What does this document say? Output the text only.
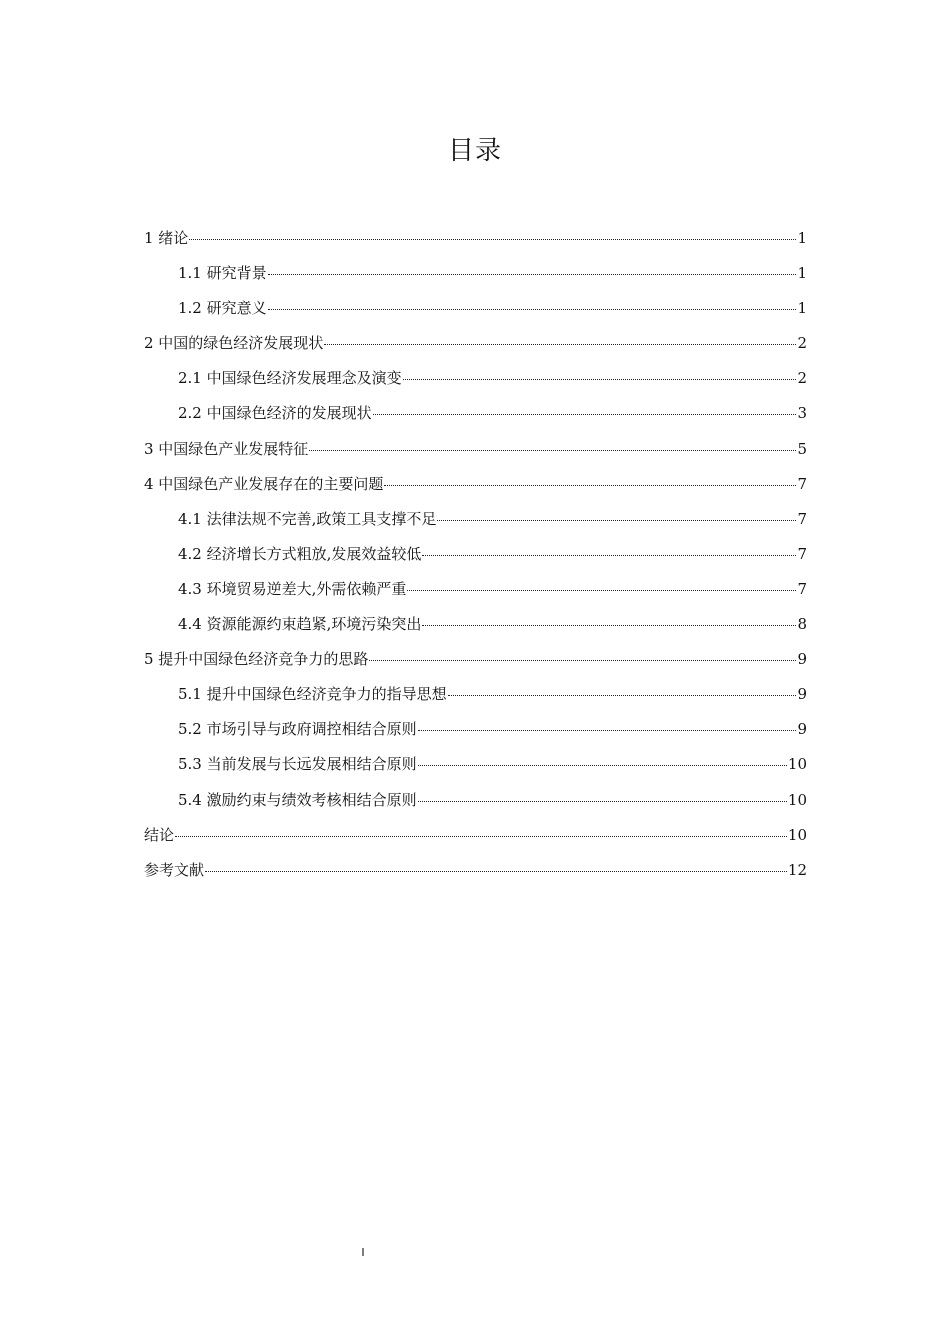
目录
1 绪论	1
1.1 研究背景	1
1.2 研究意义	1
2 中国的绿色经济发展现状	2
2.1 中国绿色经济发展理念及演变	2
2.2 中国绿色经济的发展现状	3
3 中国绿色产业发展特征	5
4 中国绿色产业发展存在的主要问题	7
4.1 法律法规不完善,政策工具支撑不足	7
4.2 经济增长方式粗放,发展效益较低	7
4.3 环境贸易逆差大,外需依赖严重	7
4.4 资源能源约束趋紧,环境污染突出	8
5 提升中国绿色经济竞争力的思路	9
5.1 提升中国绿色经济竞争力的指导思想	9
5.2 市场引导与政府调控相结合原则	9
5.3 当前发展与长远发展相结合原则	10
5.4 激励约束与绩效考核相结合原则	10
结论	10
参考文献	12
I
